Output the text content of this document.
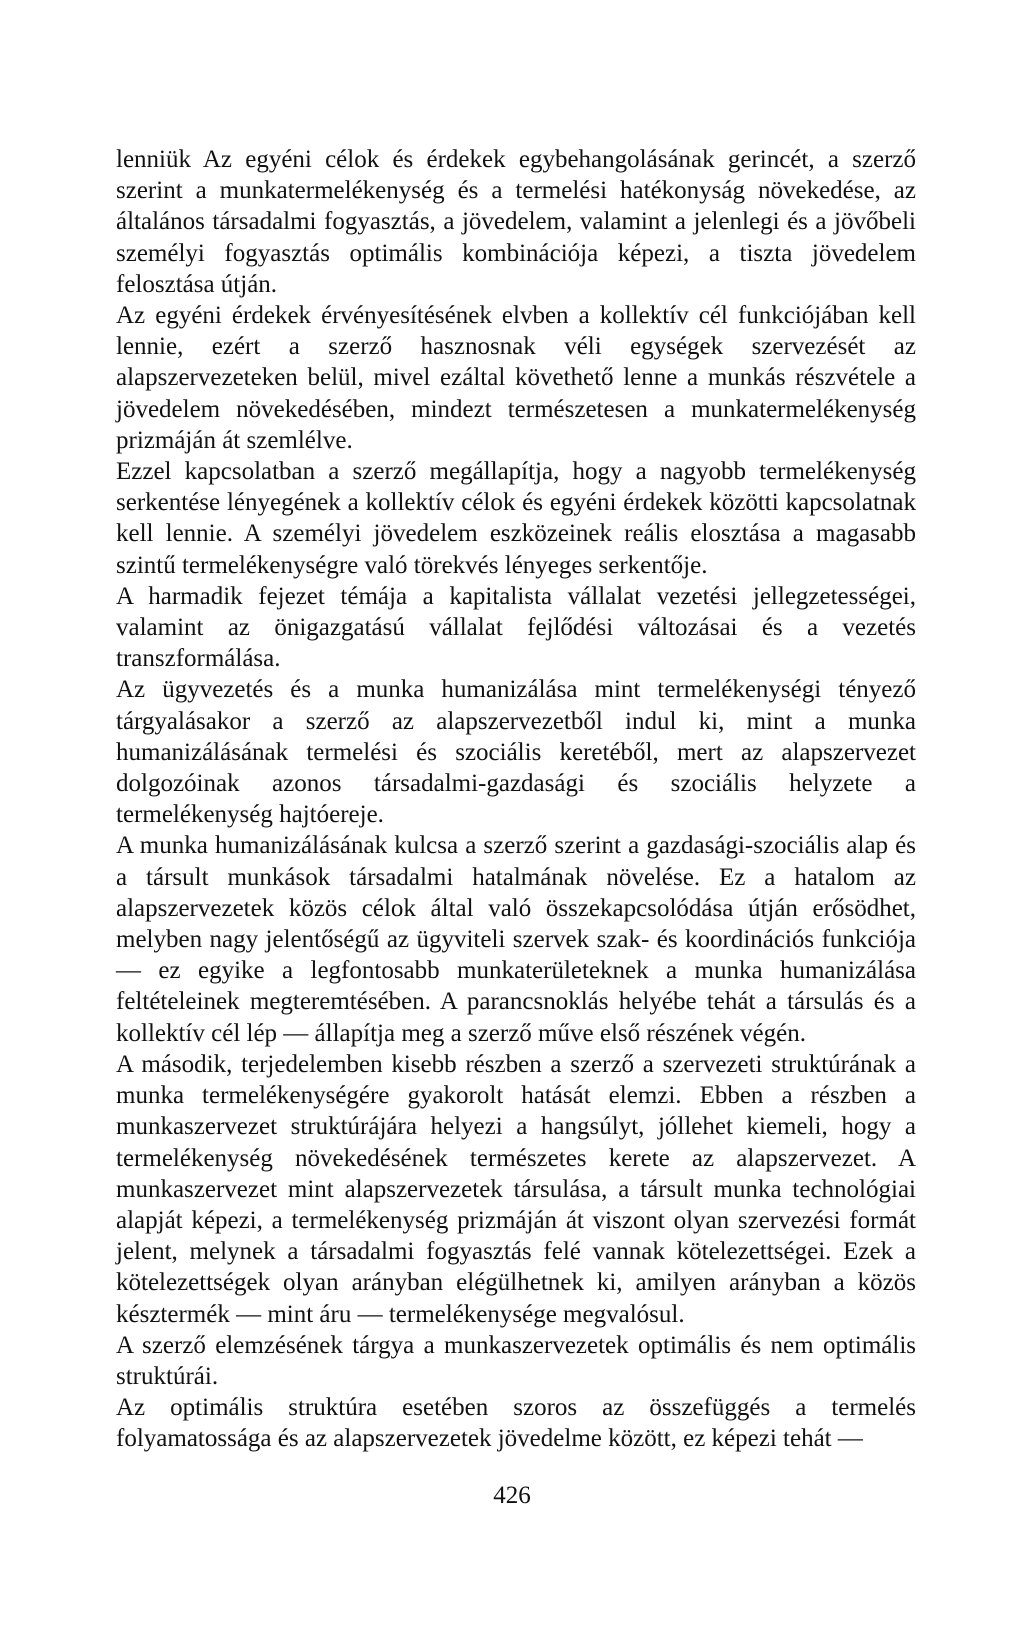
lenniük Az egyéni célok és érdekek egybehangolásának gerincét, a szerző szerint a munkatermelékenység és a termelési hatékonyság növekedése, az általános társadalmi fogyasztás, a jövedelem, valamint a jelenlegi és a jövőbeli személyi fogyasztás optimális kombinációja képezi, a tiszta jövedelem felosztása útján.

Az egyéni érdekek érvényesítésének elvben a kollektív cél funkciójában kell lennie, ezért a szerző hasznosnak véli egységek szervezését az alapszervezeteken belül, mivel ezáltal követhető lenne a munkás részvétele a jövedelem növekedésében, mindezt természetesen a munkatermelékenység prizmáján át szemlélve.

Ezzel kapcsolatban a szerző megállapítja, hogy a nagyobb termelékenység serkentése lényegének a kollektív célok és egyéni érdekek közötti kapcsolatnak kell lennie. A személyi jövedelem eszközeinek reális elosztása a magasabb szintű termelékenységre való törekvés lényeges serkentője.

A harmadik fejezet témája a kapitalista vállalat vezetési jellegzetességei, valamint az önigazgatású vállalat fejlődési változásai és a vezetés transzformálása.

Az ügyvezetés és a munka humanizálása mint termelékenységi tényező tárgyalásakor a szerző az alapszervezetből indul ki, mint a munka humanizálásának termelési és szociális keretéből, mert az alapszervezet dolgozóinak azonos társadalmi-gazdasági és szociális helyzete a termelékenység hajtóereje.

A munka humanizálásának kulcsa a szerző szerint a gazdasági-szociális alap és a társult munkások társadalmi hatalmának növelése. Ez a hatalom az alapszervezetek közös célok által való összekapcsolódása útján erősödhet, melyben nagy jelentőségű az ügyviteli szervek szak- és koordinációs funkciója — ez egyike a legfontosabb munkaterületeknek a munka humanizálása feltételeinek megteremtésében. A parancsnoklás helyébe tehát a társulás és a kollektív cél lép — állapítja meg a szerző műve első részének végén.

A második, terjedelemben kisebb részben a szerző a szervezeti struktúrának a munka termelékenységére gyakorolt hatását elemzi. Ebben a részben a munkaszervezet struktúrájára helyezi a hangsúlyt, jóllehet kiemeli, hogy a termelékenység növekedésének természetes kerete az alapszervezet. A munkaszervezet mint alapszervezetek társulása, a társult munka technológiai alapját képezi, a termelékenység prizmáján át viszont olyan szervezési formát jelent, melynek a társadalmi fogyasztás felé vannak kötelezettségei. Ezek a kötelezettségek olyan arányban elégülhetnek ki, amilyen arányban a közös késztermék — mint áru — termelékenysége megvalósul.

A szerző elemzésének tárgya a munkaszervezetek optimális és nem optimális struktúrái.

Az optimális struktúra esetében szoros az összefüggés a termelés folyamatossága és az alapszervezetek jövedelme között, ez képezi tehát —

426
